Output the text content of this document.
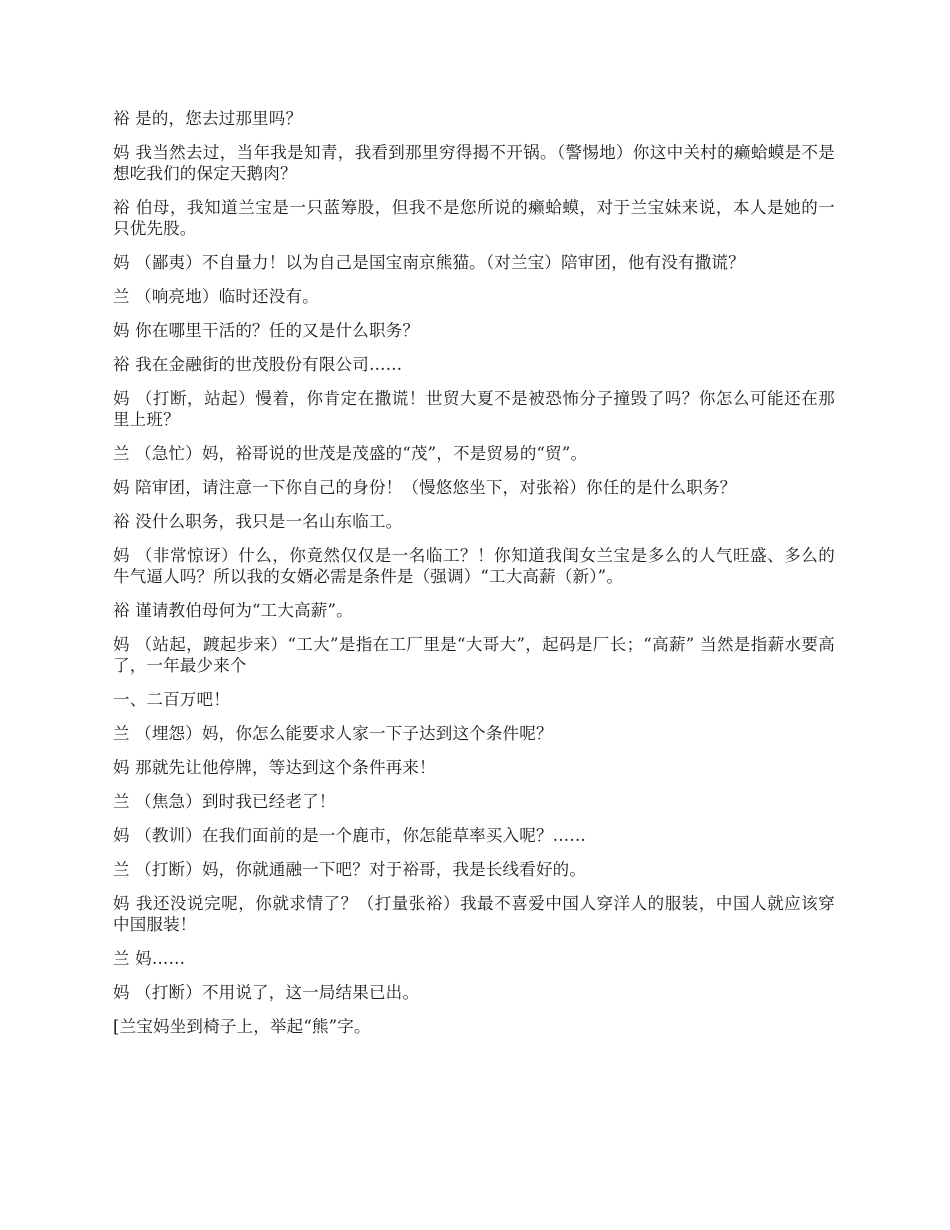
裕 是的，您去过那里吗？

妈 我当然去过，当年我是知青，我看到那里穷得揭不开锅。（警惕地）你这中关村的癞蛤蟆是不是想吃我们的保定天鹅肉？

裕 伯母，我知道兰宝是一只蓝筹股，但我不是您所说的癞蛤蟆，对于兰宝妹来说，本人是她的一只优先股。

妈 （鄙夷）不自量力！以为自己是国宝南京熊猫。（对兰宝）陪审团，他有没有撒谎？

兰 （响亮地）临时还没有。

妈 你在哪里干活的？任的又是什么职务？

裕 我在金融街的世茂股份有限公司……

妈 （打断，站起）慢着，你肯定在撒谎！世贸大夏不是被恐怖分子撞毁了吗？你怎么可能还在那里上班？

兰 （急忙）妈，裕哥说的世茂是茂盛的“茂”，不是贸易的“贸”。

妈 陪审团，请注意一下你自己的身份！（慢悠悠坐下，对张裕）你任的是什么职务？

裕 没什么职务，我只是一名山东临工。

妈 （非常惊讶）什么，你竟然仅仅是一名临工？！你知道我闺女兰宝是多么的人气旺盛、多么的牛气逼人吗？所以我的女婿必需是条件是（强调）“工大高薪（新）”。

裕 谨请教伯母何为“工大高薪”。

妈 （站起，踱起步来）“工大”是指在工厂里是“大哥大”，起码是厂长；“高薪” 当然是指薪水要高了，一年最少来个

一、二百万吧！

兰 （埋怨）妈，你怎么能要求人家一下子达到这个条件呢？

妈 那就先让他停牌，等达到这个条件再来！

兰 （焦急）到时我已经老了！

妈 （教训）在我们面前的是一个鹿市，你怎能草率买入呢？……

兰 （打断）妈，你就通融一下吧？对于裕哥，我是长线看好的。

妈 我还没说完呢，你就求情了？（打量张裕）我最不喜爱中国人穿洋人的服装，中国人就应该穿中国服装！

兰 妈……

妈 （打断）不用说了，这一局结果已出。

[兰宝妈坐到椅子上，举起“熊”字。
